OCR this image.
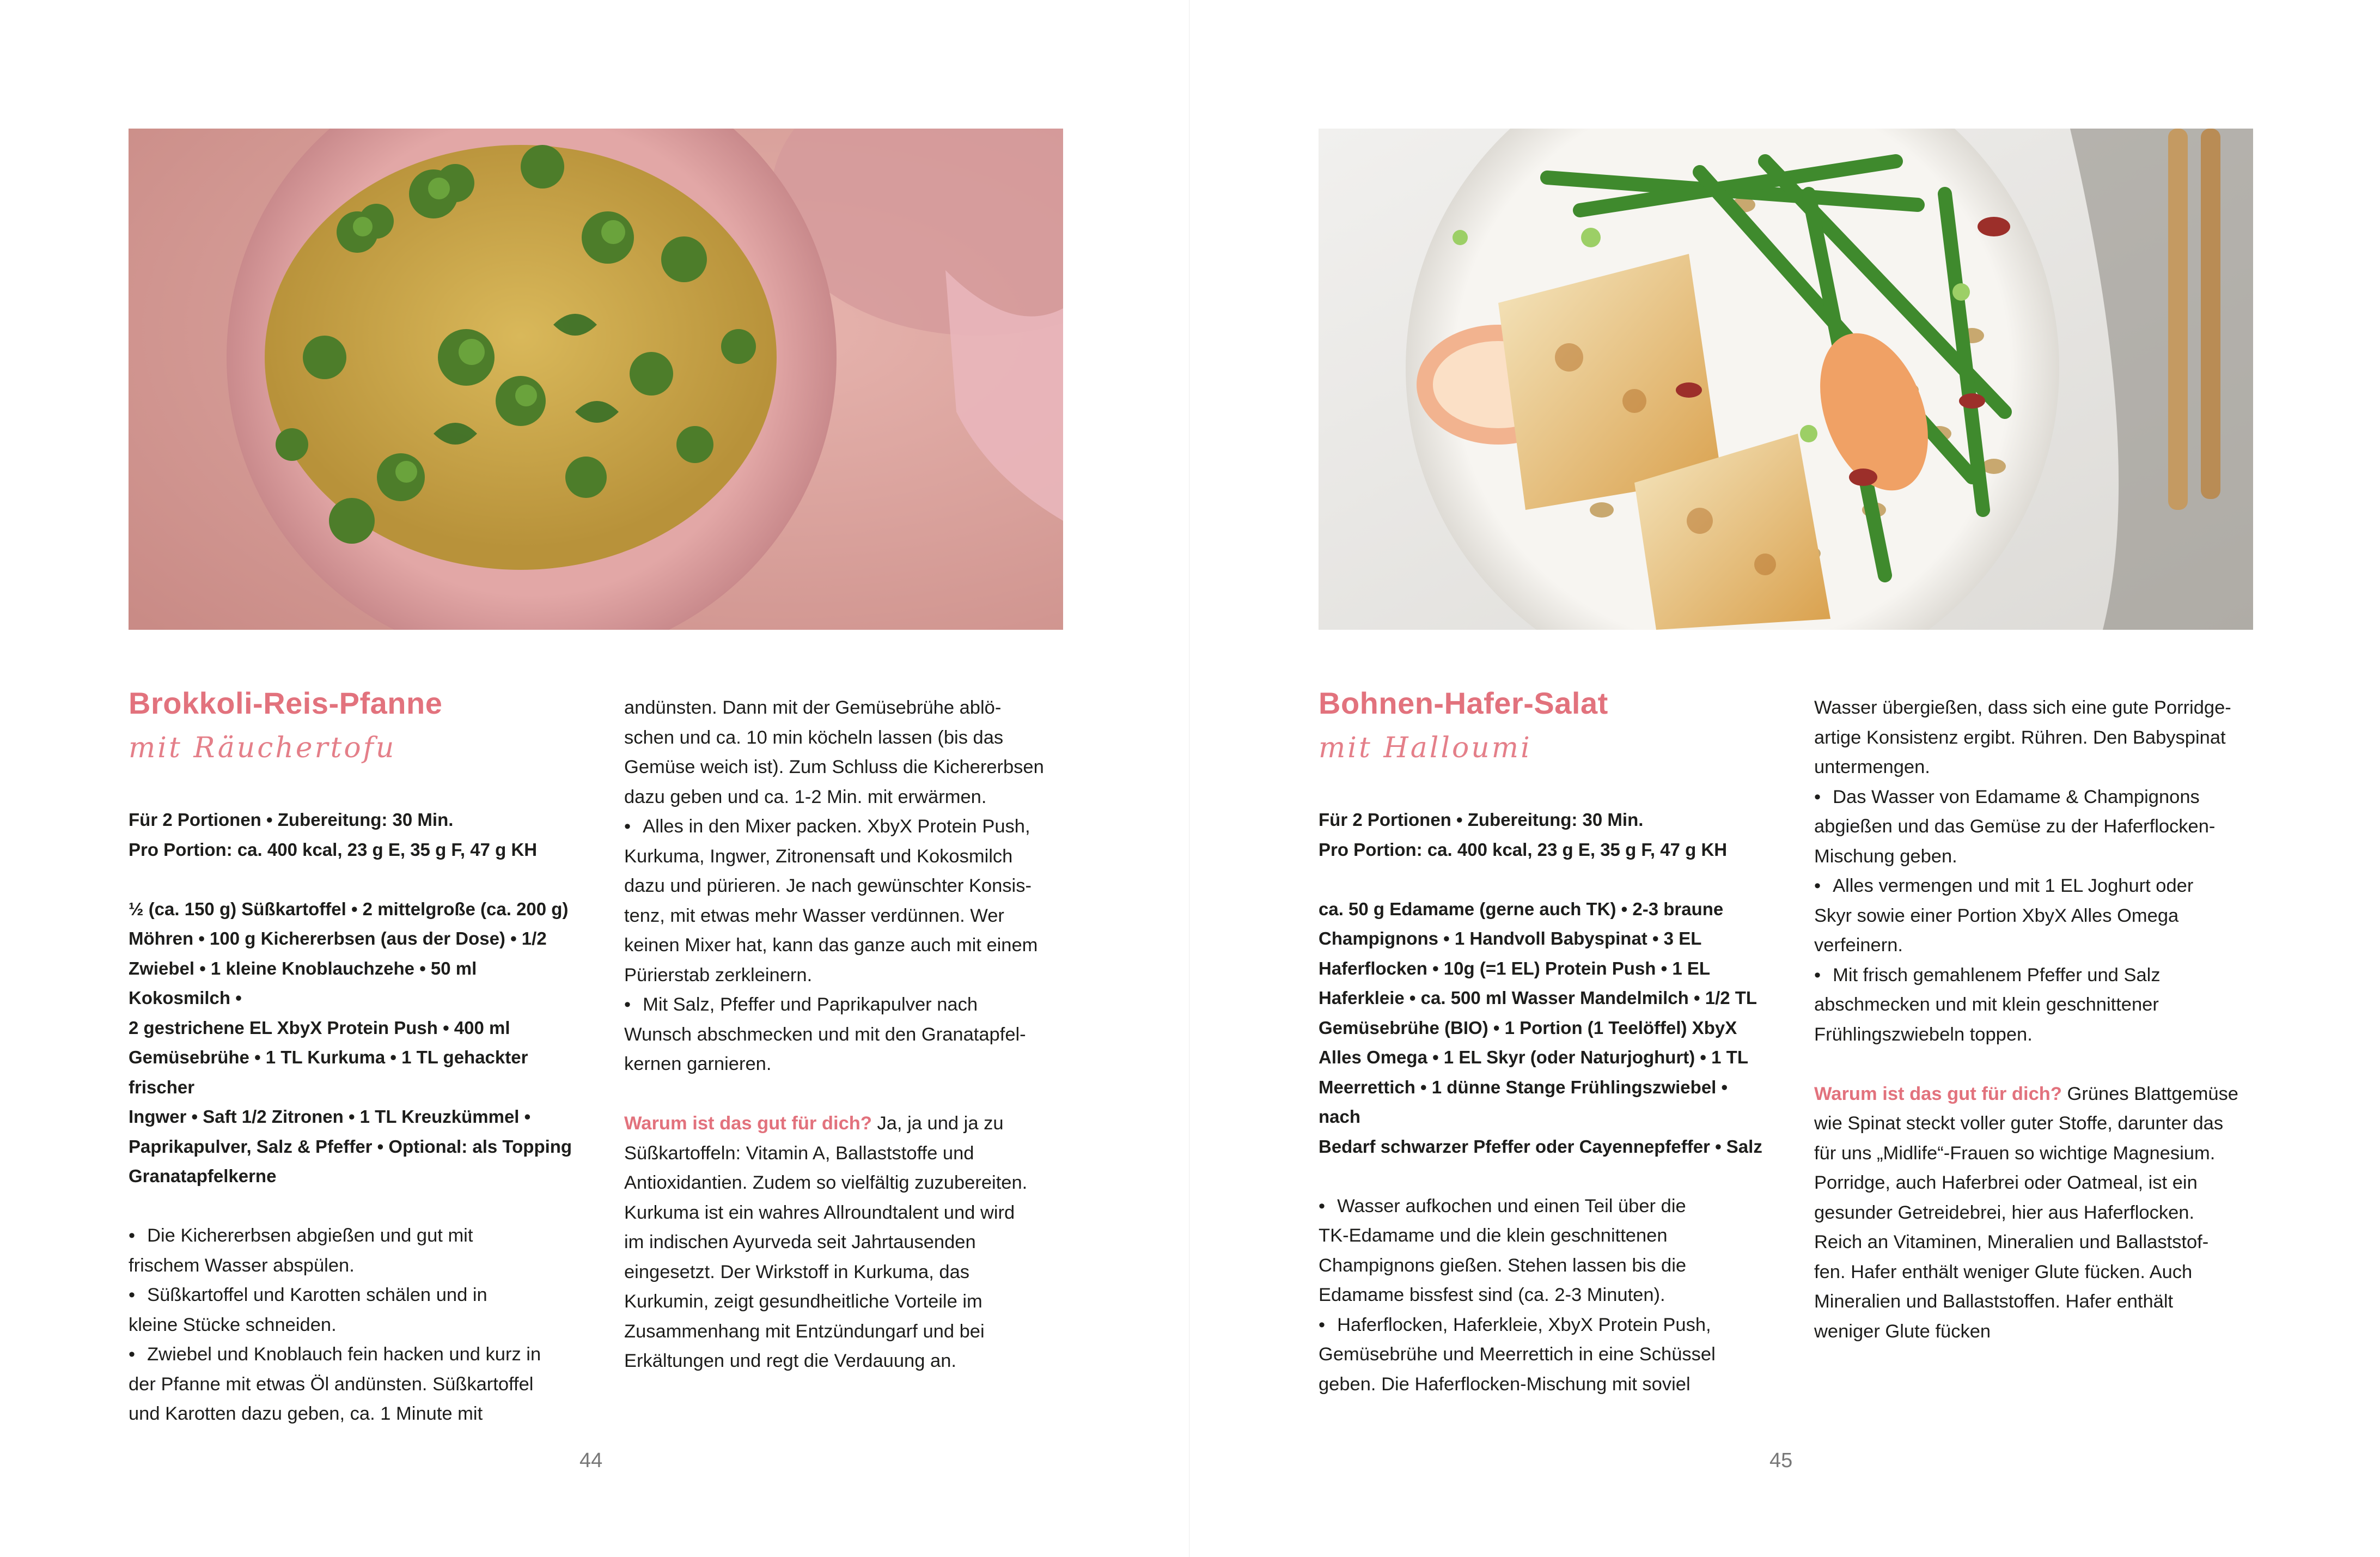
Brokkoli-Reis-Pfanne
mit Räuchertofu

Für 2 Portionen • Zubereitung: 30 Min.

Pro Portion: ca. 400 kcal, 23 g E, 35 g F, 47 g KH

½ (ca. 150 g) Süßkartoffel • 2 mittelgroße (ca. 200 g)

Möhren • 100 g Kichererbsen (aus der Dose) • 1/2

Zwiebel • 1 kleine Knoblauchzehe • 50 ml Kokosmilch •

2 gestrichene EL XbyX Protein Push • 400 ml

Gemüsebrühe • 1 TL Kurkuma • 1 TL gehackter frischer

Ingwer • Saft 1/2 Zitronen • 1 TL Kreuzkümmel •

Paprikapulver, Salz & Pfeffer • Optional: als Topping

Granatapfelkerne

• Die Kichererbsen abgießen und gut mit

frischem Wasser abspülen.

• Süßkartoffel und Karotten schälen und in

kleine Stücke schneiden.

• Zwiebel und Knoblauch fein hacken und kurz in

der Pfanne mit etwas Öl andünsten. Süßkartoffel

und Karotten dazu geben, ca. 1 Minute mit

andünsten. Dann mit der Gemüsebrühe ablö-

schen und ca. 10 min köcheln lassen (bis das

Gemüse weich ist). Zum Schluss die Kichererbsen

dazu geben und ca. 1-2 Min. mit erwärmen.

• Alles in den Mixer packen. XbyX Protein Push,

Kurkuma, Ingwer, Zitronensaft und Kokosmilch

dazu und pürieren. Je nach gewünschter Konsis-

tenz, mit etwas mehr Wasser verdünnen. Wer

keinen Mixer hat, kann das ganze auch mit einem

Pürierstab zerkleinern.

• Mit Salz, Pfeffer und Paprikapulver nach

Wunsch abschmecken und mit den Granatapfel-

kernen garnieren.

Warum ist das gut für dich? Ja, ja und ja zu

Süßkartoffeln: Vitamin A, Ballaststoffe und

Antioxidantien. Zudem so vielfältig zuzubereiten.

Kurkuma ist ein wahres Allroundtalent und wird

im indischen Ayurveda seit Jahrtausenden

eingesetzt. Der Wirkstoff in Kurkuma, das

Kurkumin, zeigt gesundheitliche Vorteile im

Zusammenhang mit Entzündungarf und bei

Erkältungen und regt die Verdauung an.

44
Bohnen-Hafer-Salat
mit Halloumi

Für 2 Portionen • Zubereitung: 30 Min.

Pro Portion: ca. 400 kcal, 23 g E, 35 g F, 47 g KH

ca. 50 g Edamame (gerne auch TK) • 2-3 braune

Champignons • 1 Handvoll Babyspinat • 3 EL

Haferflocken • 10g (=1 EL) Protein Push • 1 EL

Haferkleie • ca. 500 ml Wasser Mandelmilch • 1/2 TL

Gemüsebrühe (BIO) • 1 Portion (1 Teelöffel) XbyX

Alles Omega • 1 EL Skyr (oder Naturjoghurt) • 1 TL

Meerrettich • 1 dünne Stange Frühlingszwiebel • nach

Bedarf schwarzer Pfeffer oder Cayennepfeffer • Salz

• Wasser aufkochen und einen Teil über die

TK-Edamame und die klein geschnittenen

Champignons gießen. Stehen lassen bis die

Edamame bissfest sind (ca. 2-3 Minuten).

• Haferflocken, Haferkleie, XbyX Protein Push,

Gemüsebrühe und Meerrettich in eine Schüssel

geben. Die Haferflocken-Mischung mit soviel

Wasser übergießen, dass sich eine gute Porridge-

artige Konsistenz ergibt. Rühren. Den Babyspinat

untermengen.

• Das Wasser von Edamame & Champignons

abgießen und das Gemüse zu der Haferflocken-

Mischung geben.

• Alles vermengen und mit 1 EL Joghurt oder

Skyr sowie einer Portion XbyX Alles Omega

verfeinern.

• Mit frisch gemahlenem Pfeffer und Salz

abschmecken und mit klein geschnittener

Frühlingszwiebeln toppen.

Warum ist das gut für dich? Grünes Blattgemüse

wie Spinat steckt voller guter Stoffe, darunter das

für uns „Midlife“-Frauen so wichtige Magnesium.

Porridge, auch Haferbrei oder Oatmeal, ist ein

gesunder Getreidebrei, hier aus Haferflocken.

Reich an Vitaminen, Mineralien und Ballaststof-

fen. Hafer enthält weniger Glute fücken. Auch

Mineralien und Ballaststoffen. Hafer enthält

weniger Glute fücken

45
